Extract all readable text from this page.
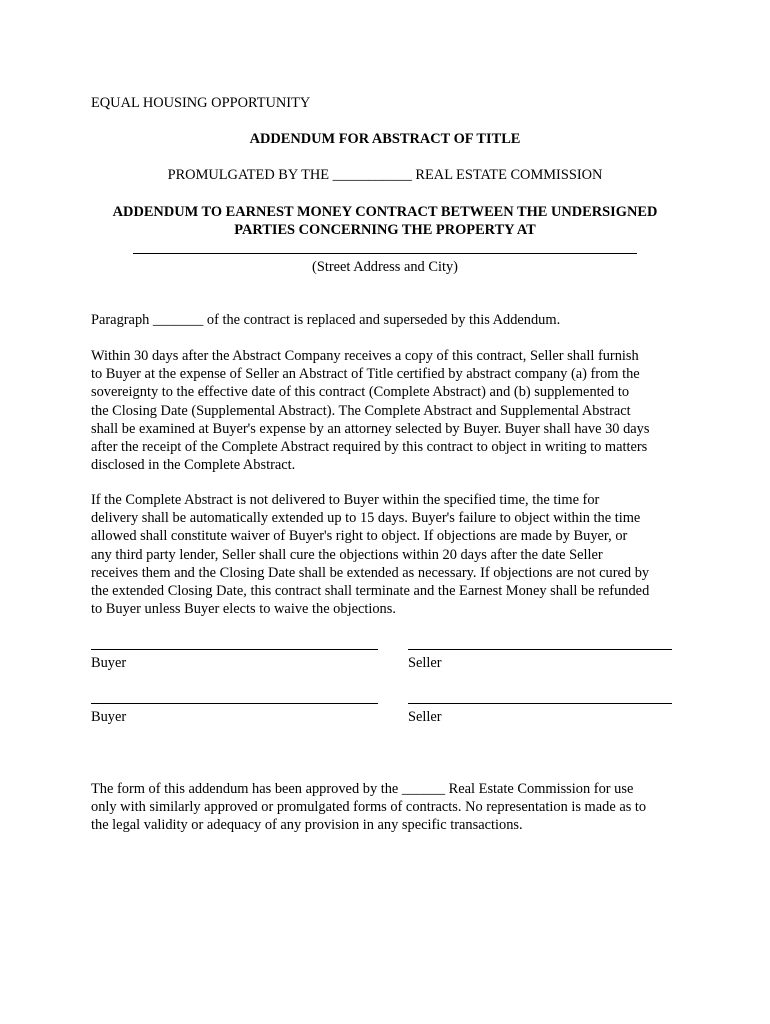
EQUAL HOUSING OPPORTUNITY
ADDENDUM FOR ABSTRACT OF TITLE
PROMULGATED BY THE ___________ REAL ESTATE COMMISSION
ADDENDUM TO EARNEST MONEY CONTRACT BETWEEN THE UNDERSIGNED
PARTIES CONCERNING THE PROPERTY AT
(Street Address and City)
Paragraph _______ of the contract is replaced and superseded by this Addendum.
Within 30 days after the Abstract Company receives a copy of this contract, Seller shall furnish
to Buyer at the expense of Seller an Abstract of Title certified by abstract company (a) from the
sovereignty to the effective date of this contract (Complete Abstract) and (b) supplemented to
the Closing Date (Supplemental Abstract). The Complete Abstract and Supplemental Abstract
shall be examined at Buyer's expense by an attorney selected by Buyer. Buyer shall have 30 days
after the receipt of the Complete Abstract required by this contract to object in writing to matters
disclosed in the Complete Abstract.
If the Complete Abstract is not delivered to Buyer within the specified time, the time for
delivery shall be automatically extended up to 15 days. Buyer's failure to object within the time
allowed shall constitute waiver of Buyer's right to object. If objections are made by Buyer, or
any third party lender, Seller shall cure the objections within 20 days after the date Seller
receives them and the Closing Date shall be extended as necessary. If objections are not cured by
the extended Closing Date, this contract shall terminate and the Earnest Money shall be refunded
to Buyer unless Buyer elects to waive the objections.
Buyer	Seller
Buyer	Seller
The form of this addendum has been approved by the ______ Real Estate Commission for use
only with similarly approved or promulgated forms of contracts. No representation is made as to
the legal validity or adequacy of any provision in any specific transactions.
